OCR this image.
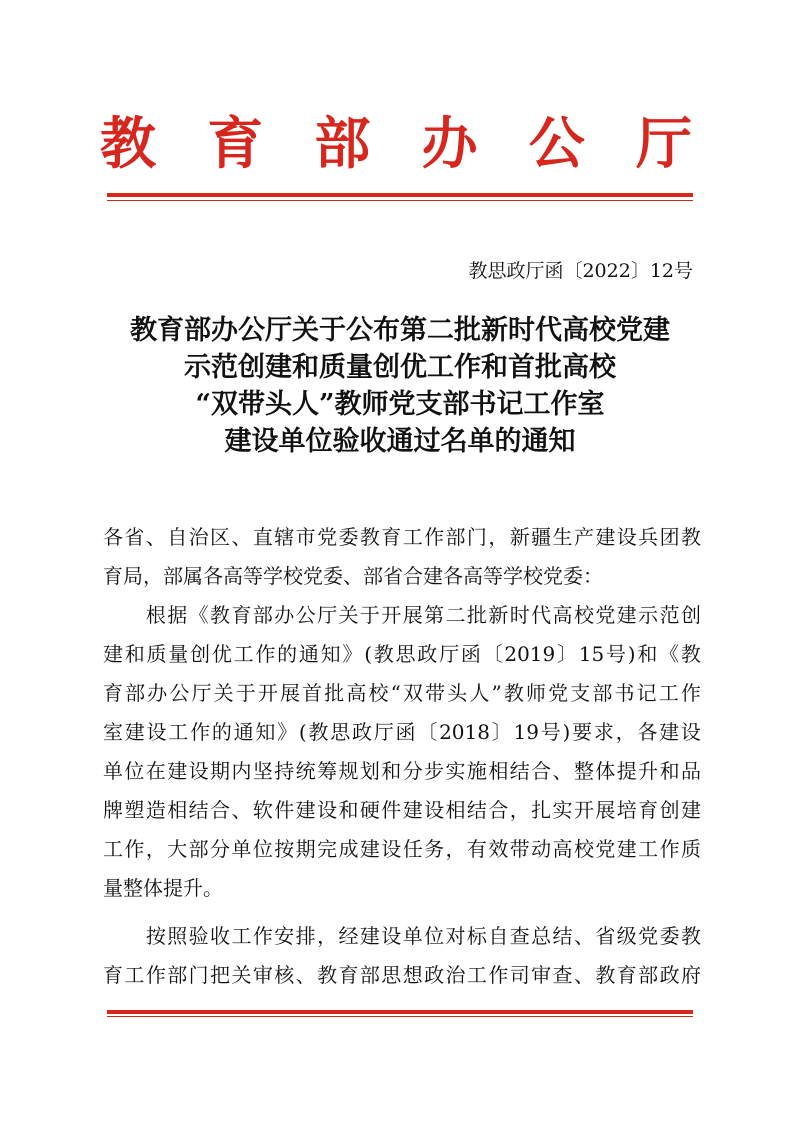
教 育 部 办 公 厅
教思政厅函〔2022〕12号
教育部办公厅关于公布第二批新时代高校党建
示范创建和质量创优工作和首批高校
“双带头人”教师党支部书记工作室
建设单位验收通过名单的通知
各 省 、 自 治 区 、 直 辖 市 党 委 教 育 工 作 部 门 ， 新 疆 生 产 建 设 兵 团 教
育局，部属各高等学校党委、部省合建各高等学校党委：

根 据 《 教 育 部 办 公 厅 关 于 开 展 第 二 批 新 时 代 高 校 党 建 示 范 创
建 和 质 量 创 优 工 作 的 通 知 》 ( 教 思 政 厅 函 〔 2019 〕 15 号 ) 和 《 教
育 部 办 公 厅 关 于 开 展 首 批 高 校 “ 双 带 头 人 ” 教 师 党 支 部 书 记 工 作
室 建 设 工 作 的 通 知 》 ( 教 思 政 厅 函 〔 2018 〕 19 号 ) 要 求 ， 各 建 设
单 位 在 建 设 期 内 坚 持 统 筹 规 划 和 分 步 实 施 相 结 合 、 整 体 提 升 和 品
牌 塑 造 相 结 合 、 软 件 建 设 和 硬 件 建 设 相 结 合 ， 扎 实 开 展 培 育 创 建
工 作 ， 大 部 分 单 位 按 期 完 成 建 设 任 务 ， 有 效 带 动 高 校 党 建 工 作 质
量整体提升。

按 照 验 收 工 作 安 排 ， 经 建 设 单 位 对 标 自 查 总 结 、 省 级 党 委 教
育 工 作 部 门 把 关 审 核 、 教 育 部 思 想 政 治 工 作 司 审 查 、 教 育 部 政 府
